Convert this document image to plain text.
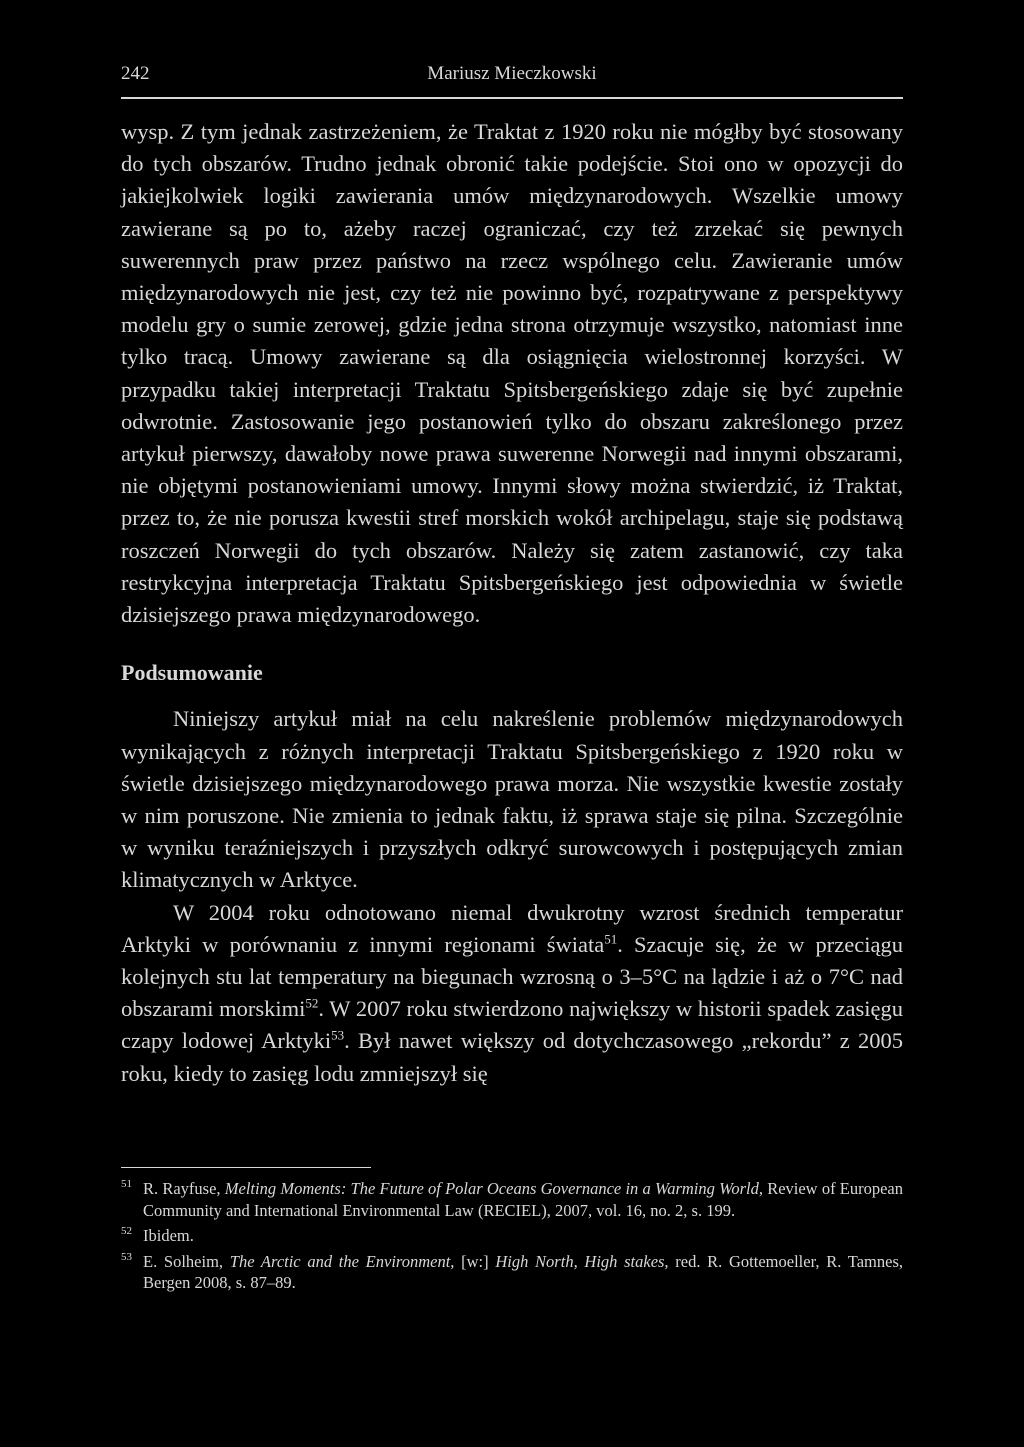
242	Mariusz Mieczkowski

wysp. Z tym jednak zastrzeżeniem, że Traktat z 1920 roku nie mógłby być stosowany do tych obszarów. Trudno jednak obronić takie podejście. Stoi ono w opozycji do jakiejkolwiek logiki zawierania umów międzynarodowych. Wszelkie umowy zawierane są po to, ażeby raczej ograniczać, czy też zrzekać się pewnych suwerennych praw przez państwo na rzecz wspólnego celu. Zawieranie umów międzynarodowych nie jest, czy też nie powinno być, rozpatrywane z perspektywy modelu gry o sumie zerowej, gdzie jedna strona otrzymuje wszystko, natomiast inne tylko tracą. Umowy zawierane są dla osiągnięcia wielostronnej korzyści. W przypadku takiej interpretacji Traktatu Spitsbergeńskiego zdaje się być zupełnie odwrotnie. Zastosowanie jego postanowień tylko do obszaru zakreślonego przez artykuł pierwszy, dawałoby nowe prawa suwerenne Norwegii nad innymi obszarami, nie objętymi postanowieniami umowy. Innymi słowy można stwierdzić, iż Traktat, przez to, że nie porusza kwestii stref morskich wokół archipelagu, staje się podstawą roszczeń Norwegii do tych obszarów. Należy się zatem zastanowić, czy taka restrykcyjna interpretacja Traktatu Spitsbergeńskiego jest odpowiednia w świetle dzisiejszego prawa międzynarodowego.

Podsumowanie

Niniejszy artykuł miał na celu nakreślenie problemów międzynarodowych wynikających z różnych interpretacji Traktatu Spitsbergeńskiego z 1920 roku w świetle dzisiejszego międzynarodowego prawa morza. Nie wszystkie kwestie zostały w nim poruszone. Nie zmienia to jednak faktu, iż sprawa staje się pilna. Szczególnie w wyniku teraźniejszych i przyszłych odkryć surowcowych i postępujących zmian klimatycznych w Arktyce.

W 2004 roku odnotowano niemal dwukrotny wzrost średnich temperatur Arktyki w porównaniu z innymi regionami świata$^{51}$. Szacuje się, że w przeciągu kolejnych stu lat temperatury na biegunach wzrosną o 3–5°C na lądzie i aż o 7°C nad obszarami morskimi$^{52}$. W 2007 roku stwierdzono największy w historii spadek zasięgu czapy lodowej Arktyki$^{53}$. Był nawet większy od dotychczasowego „rekordu” z 2005 roku, kiedy to zasięg lodu zmniejszył się

51 R. Rayfuse, Melting Moments: The Future of Polar Oceans Governance in a Warming World, Review of European Community and International Environmental Law (RECIEL), 2007, vol. 16, no. 2, s. 199.
52 Ibidem.
53 E. Solheim, The Arctic and the Environment, [w:] High North, High stakes, red. R. Gottemoeller, R. Tamnes, Bergen 2008, s. 87–89.
